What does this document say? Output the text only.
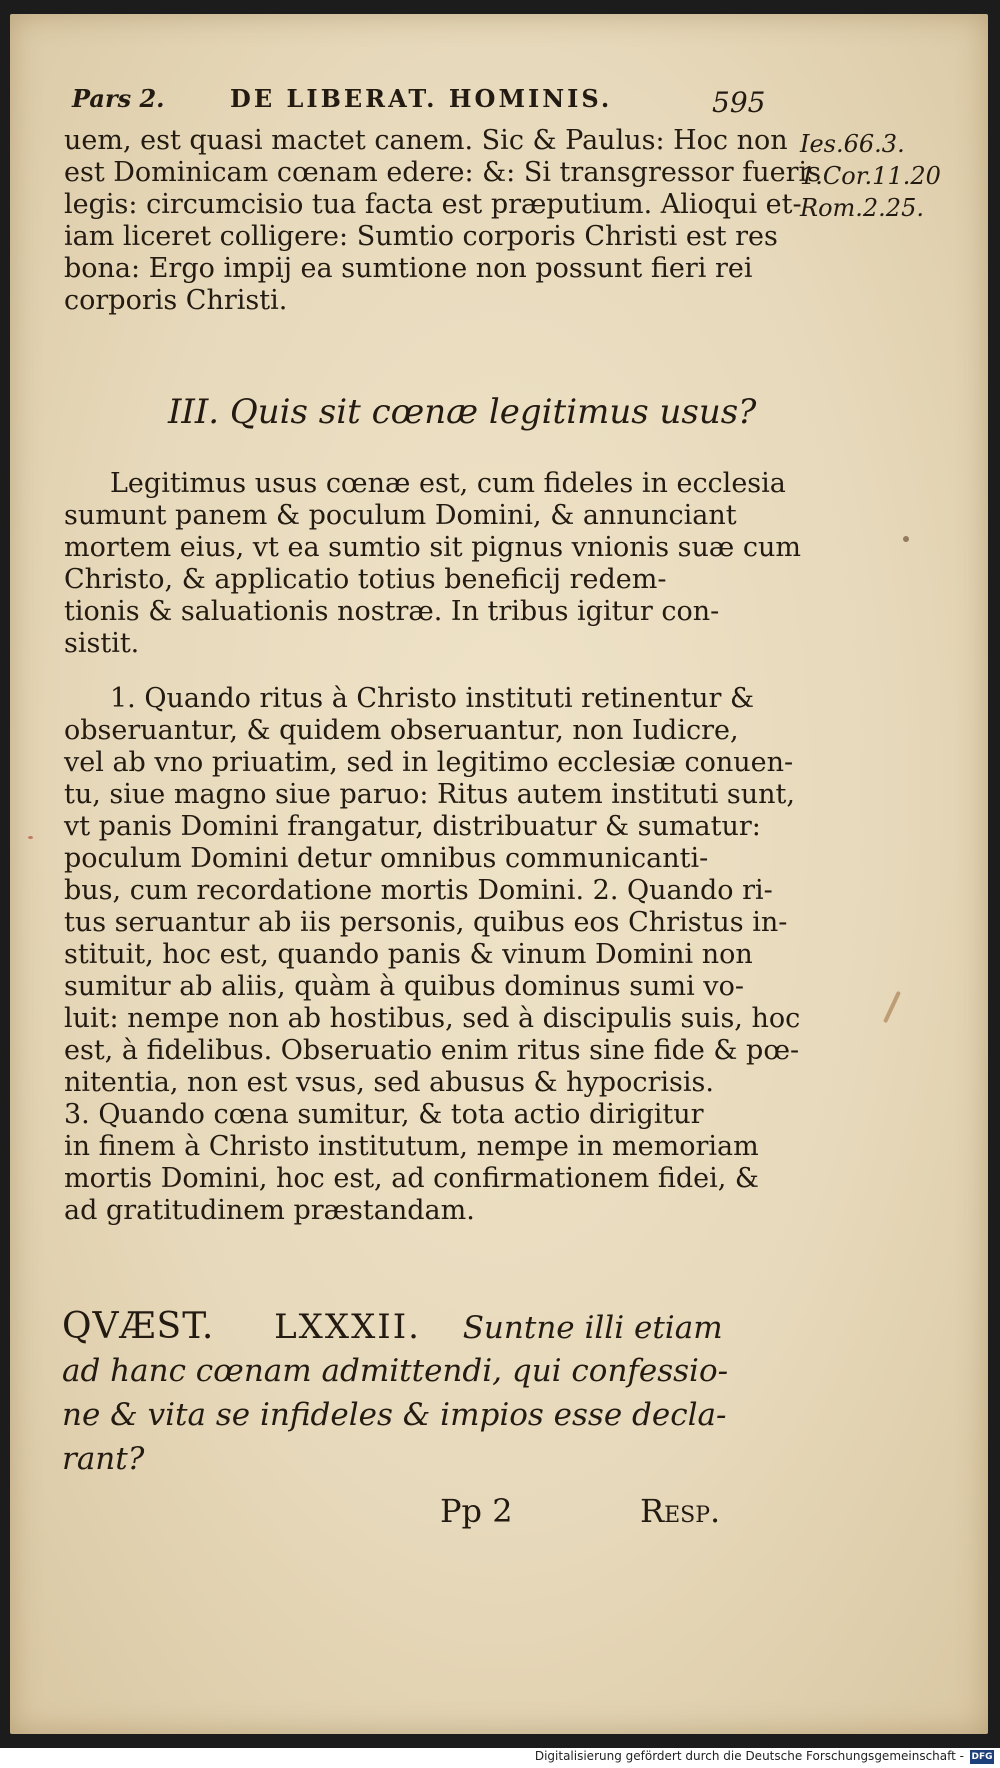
Pars 2.	DE LIBERAT. HOMINIS.	595
uem, est quasi mactet canem. Sic & Paulus: Hoc non
est Dominicam cœnam edere: &: Si transgressor fueris
legis: circumcisio tua facta est præputium. Alioqui et-
iam liceret colligere: Sumtio corporis Christi est res
bona: Ergo impij ea sumtione non possunt fieri rei
corporis Christi.
Ies.66.3.
1.Cor.11.20
Rom.2.25.
III. Quis sit cœnæ legitimus usus?
Legitimus usus cœnæ est, cum fideles in ecclesia
sumunt panem & poculum Domini, & annunciant
mortem eius, vt ea sumtio sit pignus vnionis suæ cum
Christo, & applicatio totius beneficij redem-
tionis & saluationis nostræ. In tribus igitur con-
sistit.
1. Quando ritus à Christo instituti retinentur &
obseruantur, & quidem obseruantur, non Iudicre,
vel ab vno priuatim, sed in legitimo ecclesiæ conuen-
tu, siue magno siue paruo: Ritus autem instituti sunt,
vt panis Domini frangatur, distribuatur & sumatur:
poculum Domini detur omnibus communicanti-
bus, cum recordatione mortis Domini. 2. Quando ri-
tus seruantur ab iis personis, quibus eos Christus in-
stituit, hoc est, quando panis & vinum Domini non
sumitur ab aliis, quàm à quibus dominus sumi vo-
luit: nempe non ab hostibus, sed à discipulis suis, hoc
est, à fidelibus. Obseruatio enim ritus sine fide & pœ-
nitentia, non est vsus, sed abusus & hypocrisis.
3. Quando cœna sumitur, & tota actio dirigitur
in finem à Christo institutum, nempe in memoriam
mortis Domini, hoc est, ad confirmationem fidei, &
ad gratitudinem præstandam.
QVÆST. LXXXII. Suntne illi etiam
ad hanc cœnam admittendi, qui confessio-
ne & vita se infideles & impios esse decla-
rant?
Pp 2	Resp.
Digitalisierung gefördert durch die Deutsche Forschungsgemeinschaft - DFG
